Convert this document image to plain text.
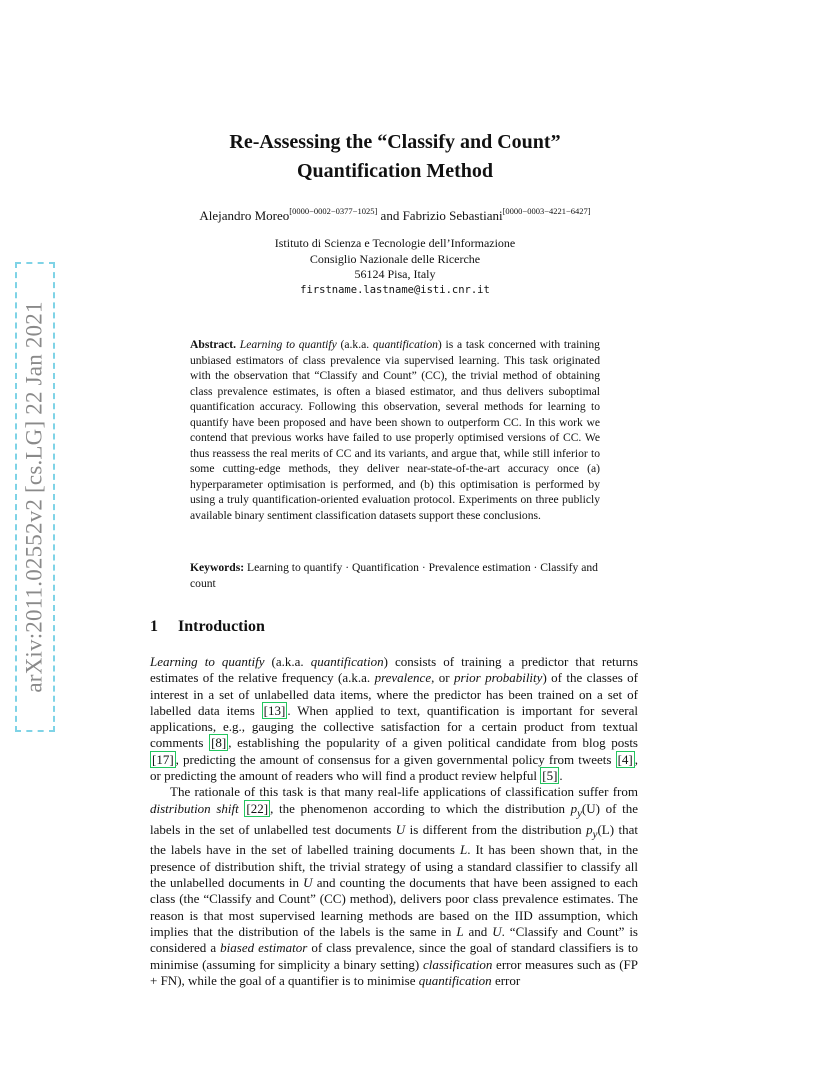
arXiv:2011.02552v2 [cs.LG] 22 Jan 2021
Re-Assessing the “Classify and Count”
Quantification Method
Alejandro Moreo[0000−0002−0377−1025] and Fabrizio Sebastiani[0000−0003−4221−6427]
Istituto di Scienza e Tecnologie dell’Informazione
Consiglio Nazionale delle Ricerche
56124 Pisa, Italy
firstname.lastname@isti.cnr.it
Abstract. Learning to quantify (a.k.a. quantification) is a task concerned with training unbiased estimators of class prevalence via supervised learning. This task originated with the observation that “Classify and Count” (CC), the trivial method of obtaining class prevalence estimates, is often a biased estimator, and thus delivers suboptimal quantification accuracy. Following this observation, several methods for learning to quantify have been proposed and have been shown to outperform CC. In this work we contend that previous works have failed to use properly optimised versions of CC. We thus reassess the real merits of CC and its variants, and argue that, while still inferior to some cutting-edge methods, they deliver near-state-of-the-art accuracy once (a) hyperparameter optimisation is performed, and (b) this optimisation is performed by using a truly quantification-oriented evaluation protocol. Experiments on three publicly available binary sentiment classification datasets support these conclusions.
Keywords: Learning to quantify · Quantification · Prevalence estimation · Classify and count
1 Introduction

Learning to quantify (a.k.a. quantification) consists of training a predictor that returns estimates of the relative frequency (a.k.a. prevalence, or prior probability) of the classes of interest in a set of unlabelled data items, where the predictor has been trained on a set of labelled data items [13] . When applied to text, quantification is important for several applications, e.g., gauging the collective satisfaction for a certain product from textual comments [8] , establishing the popularity of a given political candidate from blog posts [17] , predicting the amount of consensus for a given governmental policy from tweets [4] , or predicting the amount of readers who will find a product review helpful [5] .

The rationale of this task is that many real-life applications of classification suffer from distribution shift [22] , the phenomenon according to which the distribution $p_y(U)$ of the labels in the set of unlabelled test documents U is different from the distribution $p_y(L)$ that the labels have in the set of labelled training documents L. It has been shown that, in the presence of distribution shift, the trivial strategy of using a standard classifier to classify all the unlabelled documents in U and counting the documents that have been assigned to each class (the “Classify and Count” (CC) method), delivers poor class prevalence estimates. The reason is that most supervised learning methods are based on the IID assumption, which implies that the distribution of the labels is the same in L and U. “Classify and Count” is considered a biased estimator of class prevalence, since the goal of standard classifiers is to minimise (assuming for simplicity a binary setting) classification error measures such as (FP + FN), while the goal of a quantifier is to minimise quantification error
